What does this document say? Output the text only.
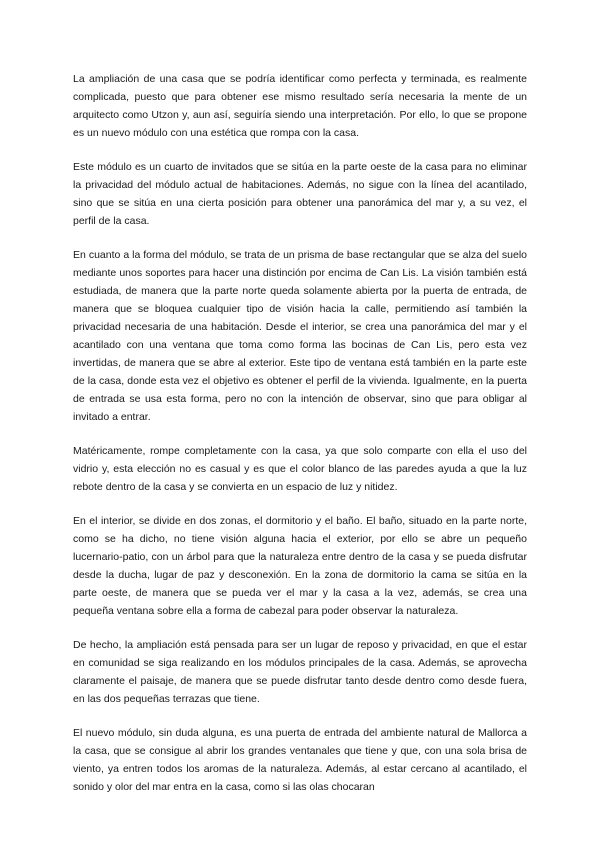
La ampliación de una casa que se podría identificar como perfecta y terminada, es realmente complicada, puesto que para obtener ese mismo resultado sería necesaria la mente de un arquitecto como Utzon y, aun así, seguiría siendo una interpretación. Por ello, lo que se propone es un nuevo módulo con una estética que rompa con la casa.

Este módulo es un cuarto de invitados que se sitúa en la parte oeste de la casa para no eliminar la privacidad del módulo actual de habitaciones. Además, no sigue con la línea del acantilado, sino que se sitúa en una cierta posición para obtener una panorámica del mar y, a su vez, el perfil de la casa.

En cuanto a la forma del módulo, se trata de un prisma de base rectangular que se alza del suelo mediante unos soportes para hacer una distinción por encima de Can Lis. La visión también está estudiada, de manera que la parte norte queda solamente abierta por la puerta de entrada, de manera que se bloquea cualquier tipo de visión hacia la calle, permitiendo así también la privacidad necesaria de una habitación. Desde el interior, se crea una panorámica del mar y el acantilado con una ventana que toma como forma las bocinas de Can Lis, pero esta vez invertidas, de manera que se abre al exterior. Este tipo de ventana está también en la parte este de la casa, donde esta vez el objetivo es obtener el perfil de la vivienda. Igualmente, en la puerta de entrada se usa esta forma, pero no con la intención de observar, sino que para obligar al invitado a entrar.

Matéricamente, rompe completamente con la casa, ya que solo comparte con ella el uso del vidrio y, esta elección no es casual y es que el color blanco de las paredes ayuda a que la luz rebote dentro de la casa y se convierta en un espacio de luz y nitidez.

En el interior, se divide en dos zonas, el dormitorio y el baño. El baño, situado en la parte norte, como se ha dicho, no tiene visión alguna hacia el exterior, por ello se abre un pequeño lucernario-patio, con un árbol para que la naturaleza entre dentro de la casa y se pueda disfrutar desde la ducha, lugar de paz y desconexión. En la zona de dormitorio la cama se sitúa en la parte oeste, de manera que se pueda ver el mar y la casa a la vez, además, se crea una pequeña ventana sobre ella a forma de cabezal para poder observar la naturaleza.

De hecho, la ampliación está pensada para ser un lugar de reposo y privacidad, en que el estar en comunidad se siga realizando en los módulos principales de la casa. Además, se aprovecha claramente el paisaje, de manera que se puede disfrutar tanto desde dentro como desde fuera, en las dos pequeñas terrazas que tiene.

El nuevo módulo, sin duda alguna, es una puerta de entrada del ambiente natural de Mallorca a la casa, que se consigue al abrir los grandes ventanales que tiene y que, con una sola brisa de viento, ya entren todos los aromas de la naturaleza. Además, al estar cercano al acantilado, el sonido y olor del mar entra en la casa, como si las olas chocaran
